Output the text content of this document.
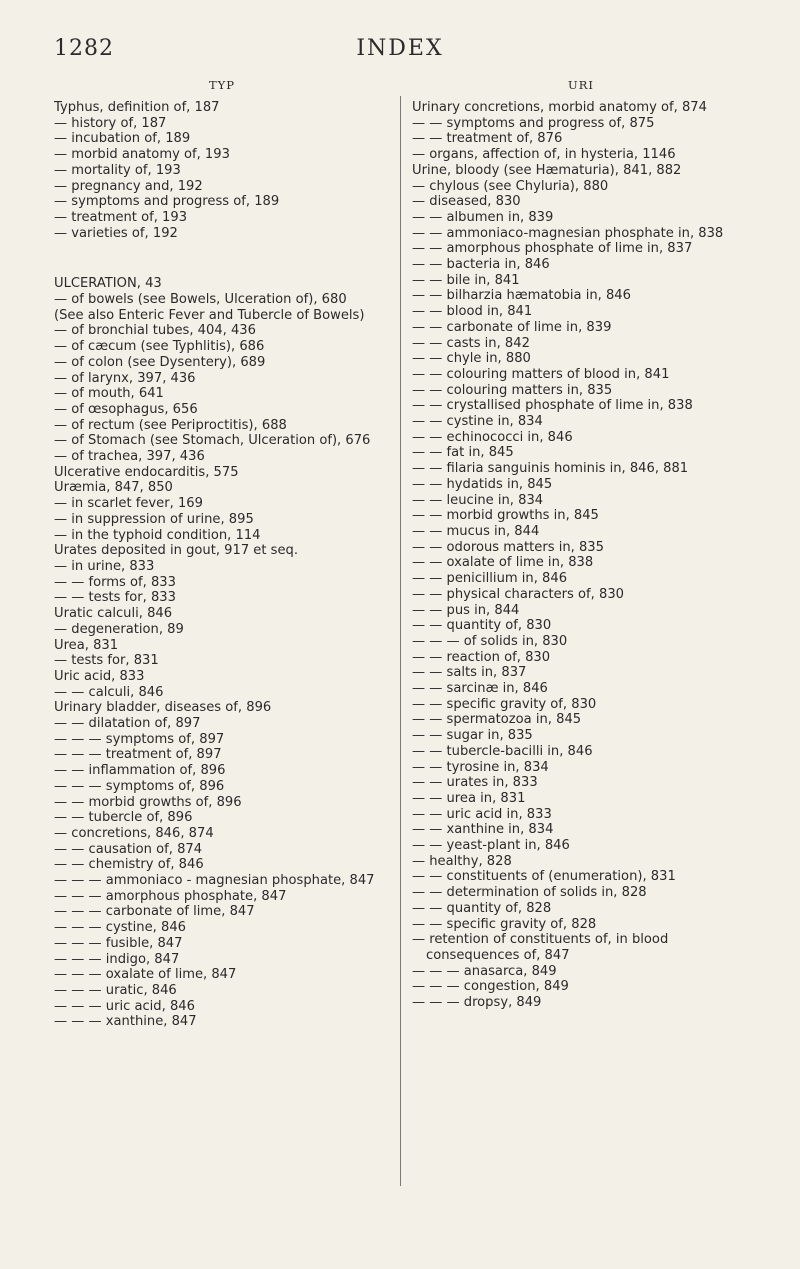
1282	INDEX
TYP

Typhus, definition of, 187

— history of, 187

— incubation of, 189

— morbid anatomy of, 193

— mortality of, 193

— pregnancy and, 192

— symptoms and progress of, 189

— treatment of, 193

— varieties of, 192

ULCERATION, 43

— of bowels (see Bowels, Ulceration of), 680

(See also Enteric Fever and Tubercle of Bowels)

— of bronchial tubes, 404, 436

— of cæcum (see Typhlitis), 686

— of colon (see Dysentery), 689

— of larynx, 397, 436

— of mouth, 641

— of œsophagus, 656

— of rectum (see Periproctitis), 688

— of Stomach (see Stomach, Ulceration of), 676

— of trachea, 397, 436

Ulcerative endocarditis, 575

Uræmia, 847, 850

— in scarlet fever, 169

— in suppression of urine, 895

— in the typhoid condition, 114

Urates deposited in gout, 917 et seq.

— in urine, 833

— — forms of, 833

— — tests for, 833

Uratic calculi, 846

— degeneration, 89

Urea, 831

— tests for, 831

Uric acid, 833

— — calculi, 846

Urinary bladder, diseases of, 896

— — dilatation of, 897

— — — symptoms of, 897

— — — treatment of, 897

— — inflammation of, 896

— — — symptoms of, 896

— — morbid growths of, 896

— — tubercle of, 896

— concretions, 846, 874

— — causation of, 874

— — chemistry of, 846

— — — ammoniaco - magnesian phosphate, 847

— — — amorphous phosphate, 847

— — — carbonate of lime, 847

— — — cystine, 846

— — — fusible, 847

— — — indigo, 847

— — — oxalate of lime, 847

— — — uratic, 846

— — — uric acid, 846

— — — xanthine, 847

URI

Urinary concretions, morbid anatomy of, 874

— — symptoms and progress of, 875

— — treatment of, 876

— organs, affection of, in hysteria, 1146

Urine, bloody (see Hæmaturia), 841, 882

— chylous (see Chyluria), 880

— diseased, 830

— — albumen in, 839

— — ammoniaco-magnesian phosphate in, 838

— — amorphous phosphate of lime in, 837

— — bacteria in, 846

— — bile in, 841

— — bilharzia hæmatobia in, 846

— — blood in, 841

— — carbonate of lime in, 839

— — casts in, 842

— — chyle in, 880

— — colouring matters of blood in, 841

— — colouring matters in, 835

— — crystallised phosphate of lime in, 838

— — cystine in, 834

— — echinococci in, 846

— — fat in, 845

— — filaria sanguinis hominis in, 846, 881

— — hydatids in, 845

— — leucine in, 834

— — morbid growths in, 845

— — mucus in, 844

— — odorous matters in, 835

— — oxalate of lime in, 838

— — penicillium in, 846

— — physical characters of, 830

— — pus in, 844

— — quantity of, 830

— — — of solids in, 830

— — reaction of, 830

— — salts in, 837

— — sarcinæ in, 846

— — specific gravity of, 830

— — spermatozoa in, 845

— — sugar in, 835

— — tubercle-bacilli in, 846

— — tyrosine in, 834

— — urates in, 833

— — urea in, 831

— — uric acid in, 833

— — xanthine in, 834

— — yeast-plant in, 846

— healthy, 828

— — constituents of (enumeration), 831

— — determination of solids in, 828

— — quantity of, 828

— — specific gravity of, 828

— retention of constituents of, in blood consequences of, 847

— — — anasarca, 849

— — — congestion, 849

— — — dropsy, 849
